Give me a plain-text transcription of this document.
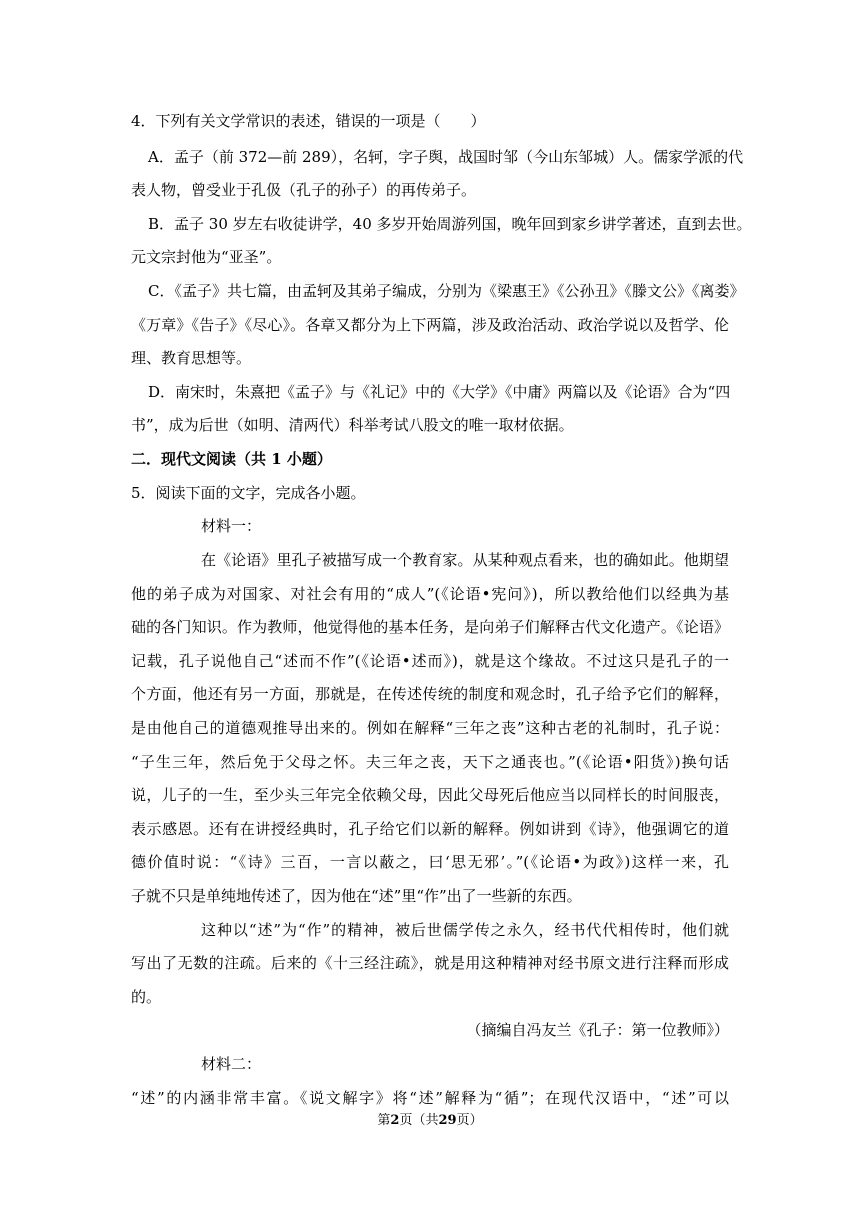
4．下列有关文学常识的表述，错误的一项是（　　）
A．孟子（前 372—前 289），名轲，字子舆，战国时邹（今山东邹城）人。儒家学派的代
表人物，曾受业于孔伋（孔子的孙子）的再传弟子。
B．孟子 30 岁左右收徒讲学，40 多岁开始周游列国，晚年回到家乡讲学著述，直到去世。
元文宗封他为“亚圣”。
C．《孟子》共七篇，由孟轲及其弟子编成，分别为《梁惠王》《公孙丑》《滕文公》《离娄》
《万章》《告子》《尽心》。各章又都分为上下两篇，涉及政治活动、政治学说以及哲学、伦
理、教育思想等。
D．南宋时，朱熹把《孟子》与《礼记》中的《大学》《中庸》两篇以及《论语》合为“四
书”，成为后世（如明、清两代）科举考试八股文的唯一取材依据。
二．现代文阅读（共 1 小题）
5．阅读下面的文字，完成各小题。
材料一：
在《论语》里孔子被描写成一个教育家。从某种观点看来，也的确如此。他期望
他的弟子成为对国家、对社会有用的“成人”(《论语•宪问》)，所以教给他们以经典为基
础的各门知识。作为教师，他觉得他的基本任务，是向弟子们解释古代文化遗产。《论语》
记载，孔子说他自己“述而不作”(《论语•述而》)，就是这个缘故。不过这只是孔子的一
个方面，他还有另一方面，那就是，在传述传统的制度和观念时，孔子给予它们的解释，
是由他自己的道德观推导出来的。例如在解释“三年之丧”这种古老的礼制时，孔子说：
“子生三年，然后免于父母之怀。夫三年之丧，天下之通丧也。”(《论语•阳货》)换句话
说，儿子的一生，至少头三年完全依赖父母，因此父母死后他应当以同样长的时间服丧，
表示感恩。还有在讲授经典时，孔子给它们以新的解释。例如讲到《诗》，他强调它的道
德价值时说：“《诗》三百，一言以蔽之，曰‘思无邪’。”(《论语•为政》)这样一来，孔
子就不只是单纯地传述了，因为他在“述”里“作”出了一些新的东西。
这种以“述”为“作”的精神，被后世儒学传之永久，经书代代相传时，他们就
写出了无数的注疏。后来的《十三经注疏》，就是用这种精神对经书原文进行注释而形成
的。
（摘编自冯友兰《孔子：第一位教师》）
材料二：
“述”的内涵非常丰富。《说文解字》将“述”解释为“循”；在现代汉语中，“述”可以
第2页（共29页）
